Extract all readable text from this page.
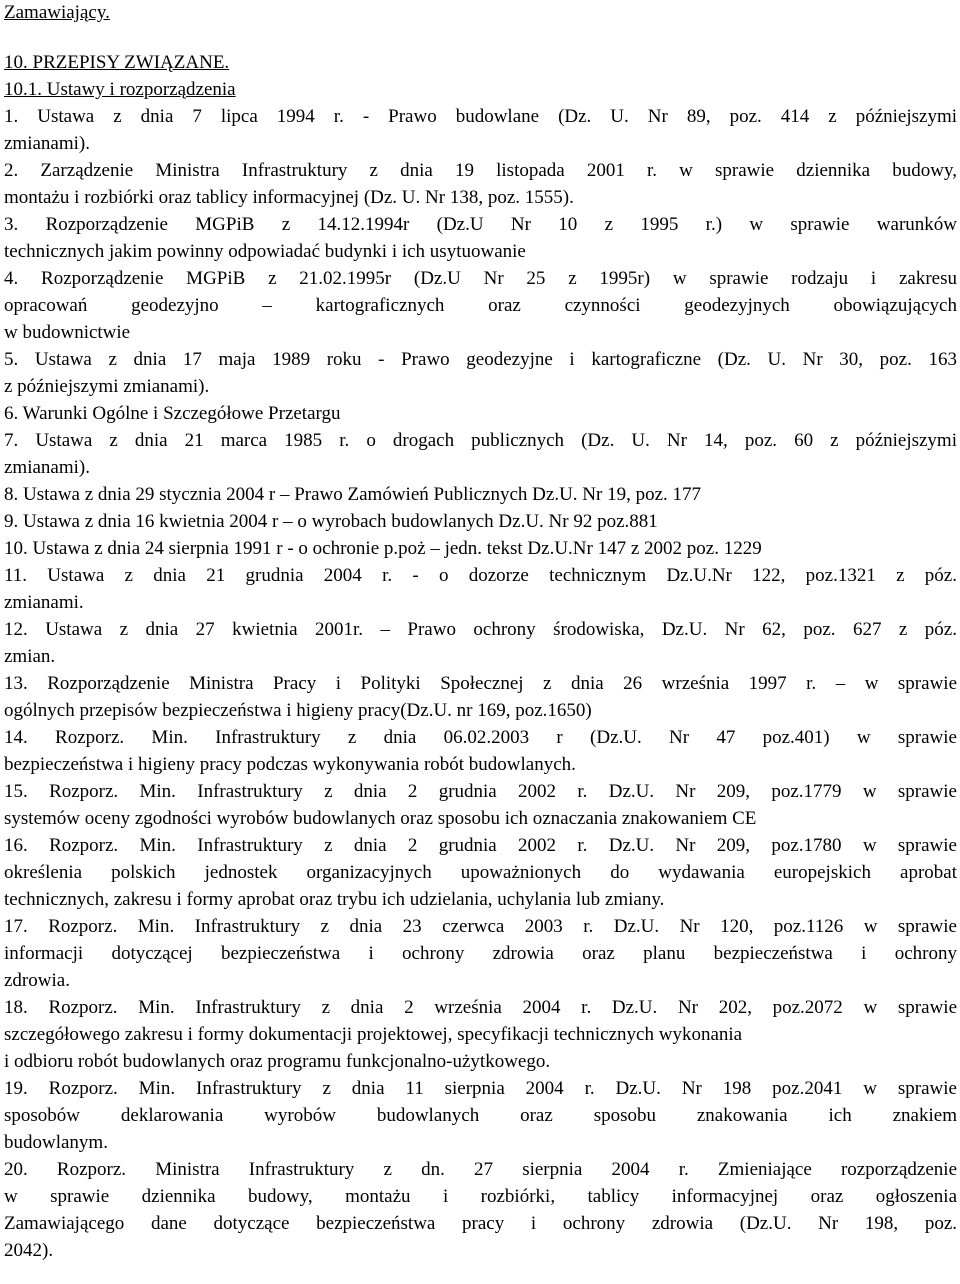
Zamawiający.
10. PRZEPISY ZWIĄZANE.
10.1. Ustawy i rozporządzenia
1. Ustawa z dnia 7 lipca 1994 r. - Prawo budowlane (Dz. U. Nr 89, poz. 414 z późniejszymi
zmianami).
2. Zarządzenie Ministra Infrastruktury z dnia 19 listopada 2001 r. w sprawie dziennika budowy,
montażu i rozbiórki oraz tablicy informacyjnej (Dz. U. Nr 138, poz. 1555).
3. Rozporządzenie MGPiB z 14.12.1994r (Dz.U Nr 10 z 1995 r.) w sprawie warunków
technicznych jakim powinny odpowiadać budynki i ich usytuowanie
4. Rozporządzenie MGPiB z 21.02.1995r (Dz.U Nr 25 z 1995r) w sprawie rodzaju i zakresu
opracowań geodezyjno – kartograficznych oraz czynności geodezyjnych obowiązujących
w budownictwie
5. Ustawa z dnia 17 maja 1989 roku - Prawo geodezyjne i kartograficzne (Dz. U. Nr 30, poz. 163
z późniejszymi zmianami).
6. Warunki Ogólne i Szczegółowe Przetargu
7. Ustawa z dnia 21 marca 1985 r. o drogach publicznych (Dz. U. Nr 14, poz. 60 z późniejszymi
zmianami).
8. Ustawa z dnia 29 stycznia 2004 r – Prawo Zamówień Publicznych Dz.U. Nr 19, poz. 177
9. Ustawa z dnia 16 kwietnia 2004 r – o wyrobach budowlanych Dz.U. Nr 92 poz.881
10. Ustawa z dnia 24 sierpnia 1991 r - o ochronie p.poż – jedn. tekst Dz.U.Nr 147 z 2002 poz. 1229
11. Ustawa z dnia 21 grudnia 2004 r. - o dozorze technicznym Dz.U.Nr 122, poz.1321 z póz.
zmianami.
12. Ustawa z dnia 27 kwietnia 2001r. – Prawo ochrony środowiska, Dz.U. Nr 62, poz. 627 z póz.
zmian.
13. Rozporządzenie Ministra Pracy i Polityki Społecznej z dnia 26 września 1997 r. – w sprawie
ogólnych przepisów bezpieczeństwa i higieny pracy(Dz.U. nr 169, poz.1650)
14. Rozporz. Min. Infrastruktury z dnia 06.02.2003 r (Dz.U. Nr 47 poz.401) w sprawie
bezpieczeństwa i higieny pracy podczas wykonywania robót budowlanych.
15. Rozporz. Min. Infrastruktury z dnia 2 grudnia 2002 r. Dz.U. Nr 209, poz.1779 w sprawie
systemów oceny zgodności wyrobów budowlanych oraz sposobu ich oznaczania znakowaniem CE
16. Rozporz. Min. Infrastruktury z dnia 2 grudnia 2002 r. Dz.U. Nr 209, poz.1780 w sprawie
określenia polskich jednostek organizacyjnych upoważnionych do wydawania europejskich aprobat
technicznych, zakresu i formy aprobat oraz trybu ich udzielania, uchylania lub zmiany.
17. Rozporz. Min. Infrastruktury z dnia 23 czerwca 2003 r. Dz.U. Nr 120, poz.1126 w sprawie
informacji dotyczącej bezpieczeństwa i ochrony zdrowia oraz planu bezpieczeństwa i ochrony
zdrowia.
18. Rozporz. Min. Infrastruktury z dnia 2 września 2004 r. Dz.U. Nr 202, poz.2072 w sprawie
szczegółowego zakresu i formy dokumentacji projektowej, specyfikacji technicznych wykonania
i odbioru robót budowlanych oraz programu funkcjonalno-użytkowego.
19. Rozporz. Min. Infrastruktury z dnia 11 sierpnia 2004 r. Dz.U. Nr 198 poz.2041 w sprawie
sposobów deklarowania wyrobów budowlanych oraz sposobu znakowania ich znakiem
budowlanym.
20. Rozporz. Ministra Infrastruktury z dn. 27 sierpnia 2004 r. Zmieniające rozporządzenie
w sprawie dziennika budowy, montażu i rozbiórki, tablicy informacyjnej oraz ogłoszenia
Zamawiającego dane dotyczące bezpieczeństwa pracy i ochrony zdrowia (Dz.U. Nr 198, poz.
2042).
